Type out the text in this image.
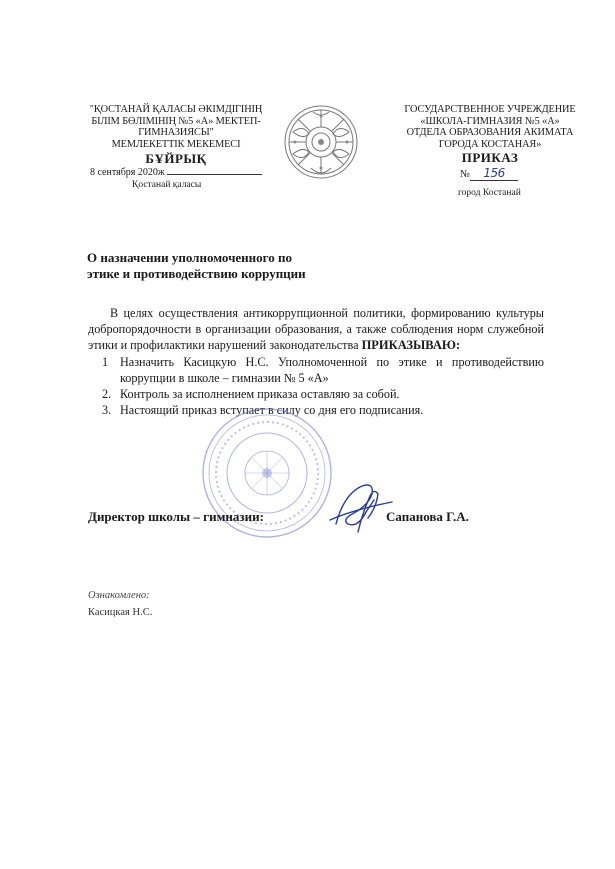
"ҚОСТАНАЙ ҚАЛАСЫ ӘКІМДІГІНІҢ
БІЛІМ БӨЛІМІНІҢ №5 «А» МЕКТЕП-
ГИМНАЗИЯСЫ"
МЕМЛЕКЕТТІК МЕКЕМЕСІ
БҰЙРЫҚ
8 сентября 2020ж
Қостанай қаласы
ГОСУДАРСТВЕННОЕ УЧРЕЖДЕНИЕ
«ШКОЛА-ГИМНАЗИЯ №5 «А»
ОТДЕЛА ОБРАЗОВАНИЯ АКИМАТА
ГОРОДА КОСТАНАЯ»
ПРИКАЗ
№ 156
город Костанай
О назначении уполномоченного по
этике и противодействию коррупции

В целях осуществления антикоррупционной политики, формированию культуры добропорядочности в организации образования, а также соблюдения норм служебной этики и профилактики нарушений законодательства ПРИКАЗЫВАЮ:

1 Назначить Касицкую Н.С. Уполномоченной по этике и противодействию коррупции в школе – гимназии № 5 «А»
2. Контроль за исполнением приказа оставляю за собой.
3. Настоящий приказ вступает в силу со дня его подписания.
Директор школы – гимназии:	Сапанова Г.А.
Ознакомлено:
Касицкая Н.С.
